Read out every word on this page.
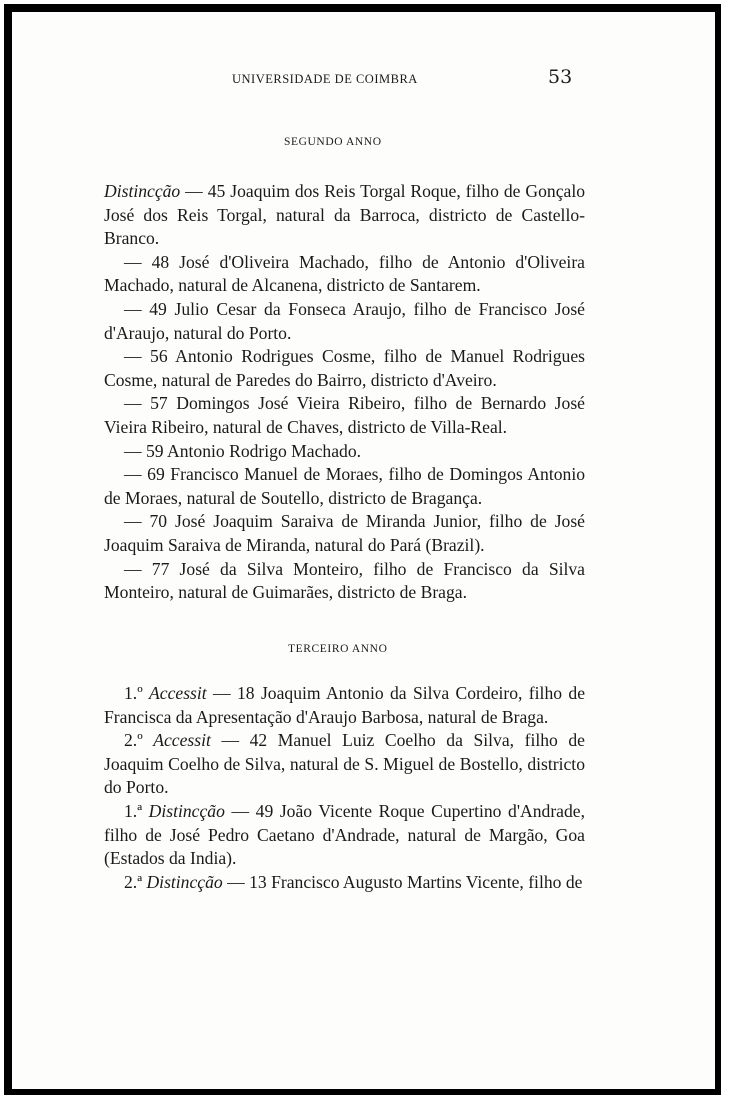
UNIVERSIDADE DE COIMBRA	53
SEGUNDO ANNO

Distincção — 45 Joaquim dos Reis Torgal Roque, filho de Gonçalo José dos Reis Torgal, natural da Barroca, districto de Castello-Branco.

— 48 José d'Oliveira Machado, filho de Antonio d'Oliveira Machado, natural de Alcanena, districto de Santarem.

— 49 Julio Cesar da Fonseca Araujo, filho de Francisco José d'Araujo, natural do Porto.

— 56 Antonio Rodrigues Cosme, filho de Manuel Rodrigues Cosme, natural de Paredes do Bairro, districto d'Aveiro.

— 57 Domingos José Vieira Ribeiro, filho de Bernardo José Vieira Ribeiro, natural de Chaves, districto de Villa-Real.

— 59 Antonio Rodrigo Machado.

— 69 Francisco Manuel de Moraes, filho de Domingos Antonio de Moraes, natural de Soutello, districto de Bragança.

— 70 José Joaquim Saraiva de Miranda Junior, filho de José Joaquim Saraiva de Miranda, natural do Pará (Brazil).

— 77 José da Silva Monteiro, filho de Francisco da Silva Monteiro, natural de Guimarães, districto de Braga.

TERCEIRO ANNO

1.º Accessit — 18 Joaquim Antonio da Silva Cordeiro, filho de Francisca da Apresentação d'Araujo Barbosa, natural de Braga.

2.º Accessit — 42 Manuel Luiz Coelho da Silva, filho de Joaquim Coelho de Silva, natural de S. Miguel de Bostello, districto do Porto.

1.ª Distincção — 49 João Vicente Roque Cupertino d'Andrade, filho de José Pedro Caetano d'Andrade, natural de Margão, Goa (Estados da India).

2.ª Distincção — 13 Francisco Augusto Martins Vicente, filho de
